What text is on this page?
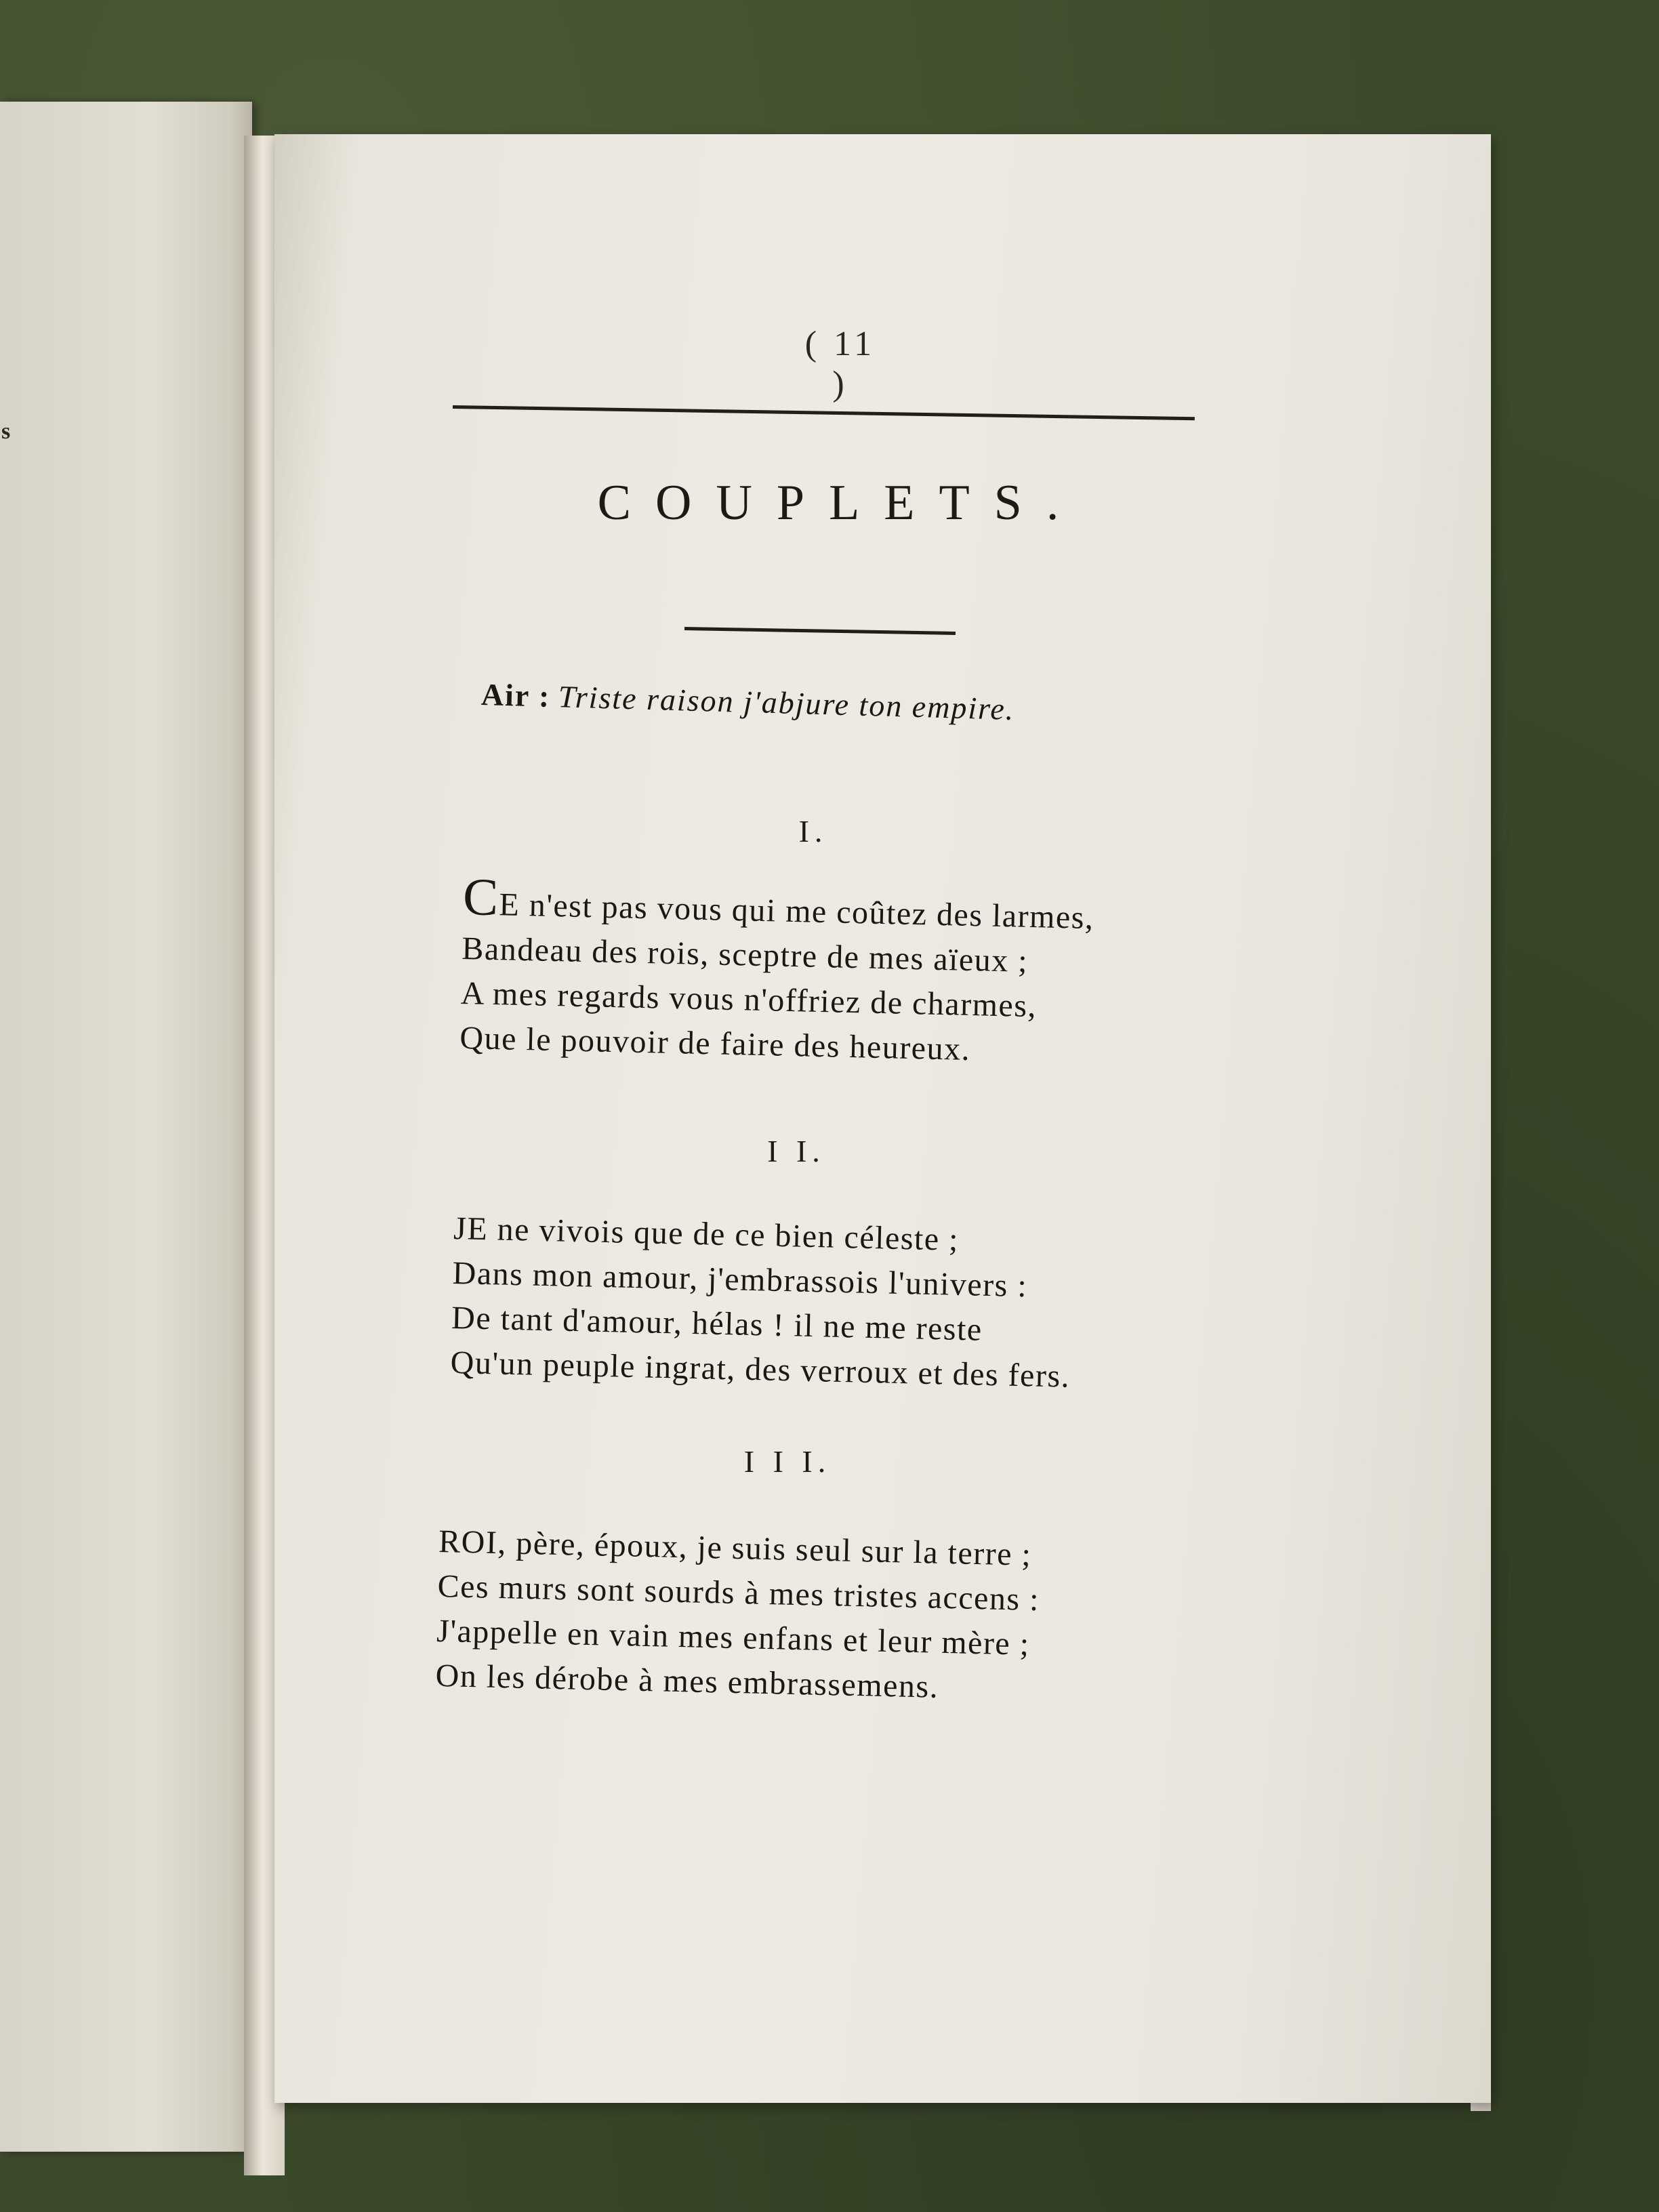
s
( 11 )
COUPLETS.
Air : Triste raison j'abjure ton empire.
I.
CE n'est pas vous qui me coûtez des larmes,
Bandeau des rois, sceptre de mes aïeux ;
A mes regards vous n'offriez de charmes,
Que le pouvoir de faire des heureux.
I I.
JE ne vivois que de ce bien céleste ;
Dans mon amour, j'embrassois l'univers :
De tant d'amour, hélas ! il ne me reste
Qu'un peuple ingrat, des verroux et des fers.
I I I.
ROI, père, époux, je suis seul sur la terre ;
Ces murs sont sourds à mes tristes accens :
J'appelle en vain mes enfans et leur mère ;
On les dérobe à mes embrassemens.
